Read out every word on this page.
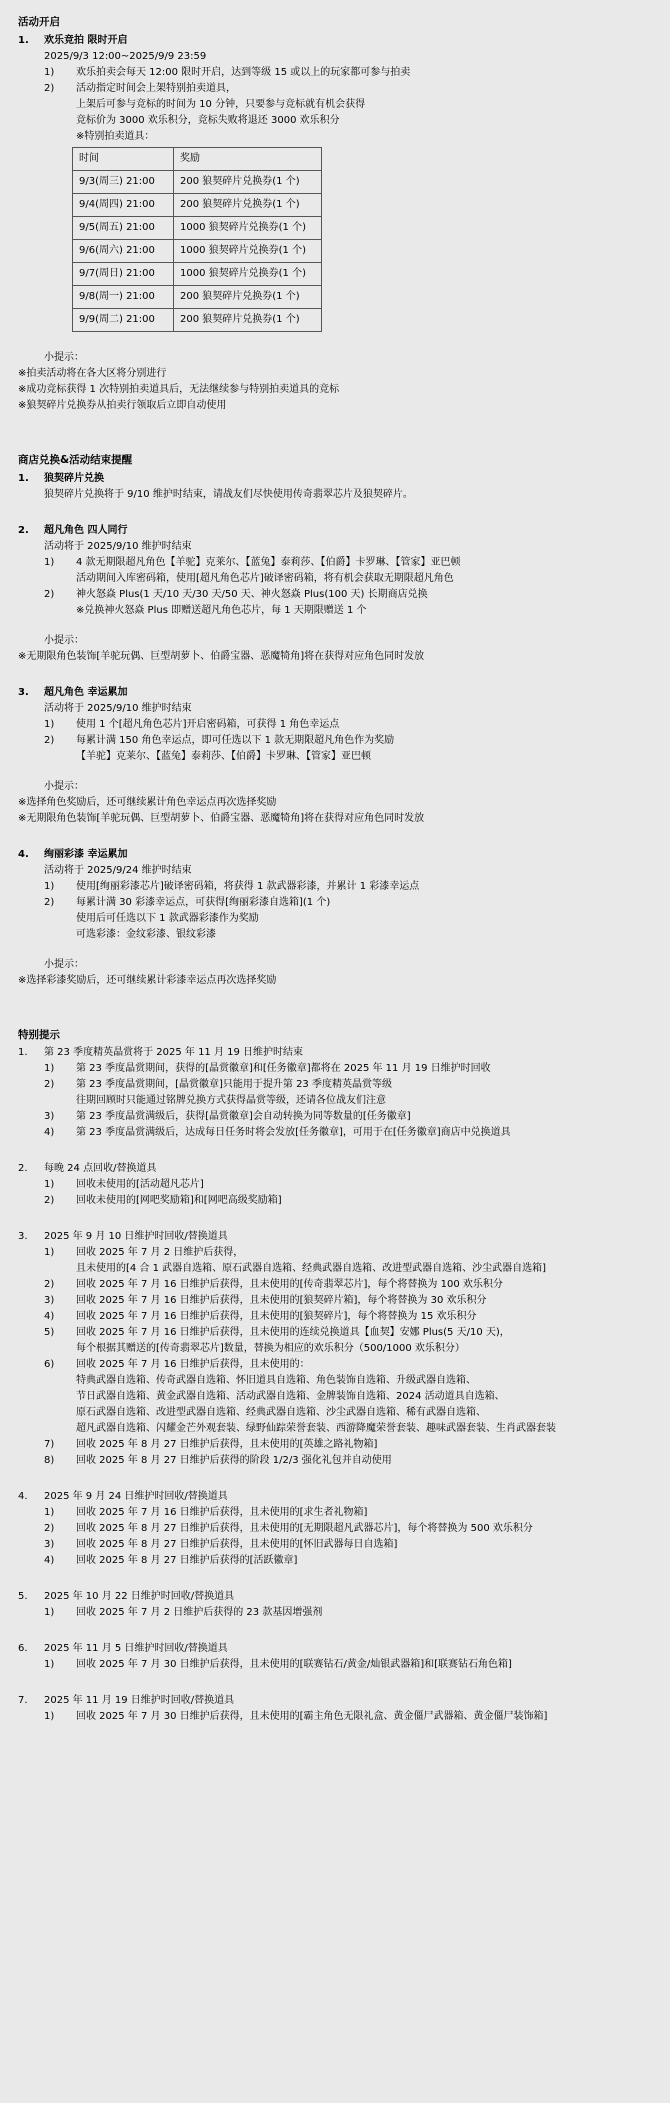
活动开启
1.	欢乐竞拍 限时开启
2025/9/3 12:00~2025/9/9 23:59
1)	欢乐拍卖会每天 12:00 限时开启，达到等级 15 或以上的玩家都可参与拍卖
2)	活动指定时间会上架特别拍卖道具，
上架后可参与竞标的时间为 10 分钟，只要参与竞标就有机会获得
竞标价为 3000 欢乐积分，竞标失败将退还 3000 欢乐积分
※特别拍卖道具：
时间	奖励
9/3(周三) 21:00	200 狼契碎片兑换券(1 个)
9/4(周四) 21:00	200 狼契碎片兑换券(1 个)
9/5(周五) 21:00	1000 狼契碎片兑换券(1 个)
9/6(周六) 21:00	1000 狼契碎片兑换券(1 个)
9/7(周日) 21:00	1000 狼契碎片兑换券(1 个)
9/8(周一) 21:00	200 狼契碎片兑换券(1 个)
9/9(周二) 21:00	200 狼契碎片兑换券(1 个)
小提示：
※拍卖活动将在各大区将分别进行
※成功竞标获得 1 次特别拍卖道具后，无法继续参与特别拍卖道具的竞标
※狼契碎片兑换券从拍卖行领取后立即自动使用
商店兑换&活动结束提醒
1.	狼契碎片兑换
狼契碎片兑换将于 9/10 维护时结束，请战友们尽快使用传奇翡翠芯片及狼契碎片。
2.	超凡角色 四人同行
活动将于 2025/9/10 维护时结束
1)	4 款无期限超凡角色【羊驼】克莱尔、【蓝兔】泰莉莎、【伯爵】卡罗琳、【管家】亚巴顿
活动期间入库密码箱，使用[超凡角色芯片]破译密码箱，将有机会获取无期限超凡角色
2)	神火怒焱 Plus(1 天/10 天/30 天/50 天、神火怒焱 Plus(100 天) 长期商店兑换
※兑换神火怒焱 Plus 即赠送超凡角色芯片，每 1 天期限赠送 1 个
小提示：
※无期限角色装饰[羊驼玩偶、巨型胡萝卜、伯爵宝器、恶魔犄角]将在获得对应角色同时发放
3.	超凡角色 幸运累加
活动将于 2025/9/10 维护时结束
1)	使用 1 个[超凡角色芯片]开启密码箱，可获得 1 角色幸运点
2)	每累计满 150 角色幸运点，即可任选以下 1 款无期限超凡角色作为奖励
【羊驼】克莱尔、【蓝兔】泰莉莎、【伯爵】卡罗琳、【管家】亚巴顿
小提示：
※选择角色奖励后，还可继续累计角色幸运点再次选择奖励
※无期限角色装饰[羊驼玩偶、巨型胡萝卜、伯爵宝器、恶魔犄角]将在获得对应角色同时发放
4.	绚丽彩漆 幸运累加
活动将于 2025/9/24 维护时结束
1)	使用[绚丽彩漆芯片]破译密码箱，将获得 1 款武器彩漆，并累计 1 彩漆幸运点
2)	每累计满 30 彩漆幸运点，可获得[绚丽彩漆自选箱](1 个)
使用后可任选以下 1 款武器彩漆作为奖励
可选彩漆：金纹彩漆、银纹彩漆
小提示：
※选择彩漆奖励后，还可继续累计彩漆幸运点再次选择奖励
特别提示
1.	第 23 季度精英晶赏将于 2025 年 11 月 19 日维护时结束
1)	第 23 季度晶赏期间，获得的[晶赏徽章]和[任务徽章]都将在 2025 年 11 月 19 日维护时回收
2)	第 23 季度晶赏期间，[晶赏徽章]只能用于提升第 23 季度精英晶赏等级
往期回顾时只能通过铭牌兑换方式获得晶赏等级，还请各位战友们注意
3)	第 23 季度晶赏满级后，获得[晶赏徽章]会自动转换为同等数量的[任务徽章]
4)	第 23 季度晶赏满级后，达成每日任务时将会发放[任务徽章]，可用于在[任务徽章]商店中兑换道具
2.	每晚 24 点回收/替换道具
1)	回收未使用的[活动超凡芯片]
2)	回收未使用的[网吧奖励箱]和[网吧高级奖励箱]
3.	2025 年 9 月 10 日维护时回收/替换道具
1)	回收 2025 年 7 月 2 日维护后获得，
且未使用的[4 合 1 武器自选箱、原石武器自选箱、经典武器自选箱、改进型武器自选箱、沙尘武器自选箱]
2)	回收 2025 年 7 月 16 日维护后获得，且未使用的[传奇翡翠芯片]，每个将替换为 100 欢乐积分
3)	回收 2025 年 7 月 16 日维护后获得，且未使用的[狼契碎片箱]，每个将替换为 30 欢乐积分
4)	回收 2025 年 7 月 16 日维护后获得，且未使用的[狼契碎片]，每个将替换为 15 欢乐积分
5)	回收 2025 年 7 月 16 日维护后获得，且未使用的连续兑换道具【血契】安娜 Plus(5 天/10 天)，
每个根据其赠送的[传奇翡翠芯片]数量，替换为相应的欢乐积分（500/1000 欢乐积分）
6)	回收 2025 年 7 月 16 日维护后获得，且未使用的：
特典武器自选箱、传奇武器自选箱、怀旧道具自选箱、角色装饰自选箱、升级武器自选箱、
节日武器自选箱、黄金武器自选箱、活动武器自选箱、金牌装饰自选箱、2024 活动道具自选箱、
原石武器自选箱、改进型武器自选箱、经典武器自选箱、沙尘武器自选箱、稀有武器自选箱、
超凡武器自选箱、闪耀金芒外观套装、绿野仙踪荣誉套装、西游降魔荣誉套装、趣味武器套装、生肖武器套装
7)	回收 2025 年 8 月 27 日维护后获得，且未使用的[英雄之路礼物箱]
8)	回收 2025 年 8 月 27 日维护后获得的阶段 1/2/3 强化礼包并自动使用
4.	2025 年 9 月 24 日维护时回收/替换道具
1)	回收 2025 年 7 月 16 日维护后获得，且未使用的[求生者礼物箱]
2)	回收 2025 年 8 月 27 日维护后获得，且未使用的[无期限超凡武器芯片]，每个将替换为 500 欢乐积分
3)	回收 2025 年 8 月 27 日维护后获得，且未使用的[怀旧武器每日自选箱]
4)	回收 2025 年 8 月 27 日维护后获得的[活跃徽章]
5.	2025 年 10 月 22 日维护时回收/替换道具
1)	回收 2025 年 7 月 2 日维护后获得的 23 款基因增强剂
6.	2025 年 11 月 5 日维护时回收/替换道具
1)	回收 2025 年 7 月 30 日维护后获得，且未使用的[联赛钻石/黄金/灿银武器箱]和[联赛钻石角色箱]
7.	2025 年 11 月 19 日维护时回收/替换道具
1)	回收 2025 年 7 月 30 日维护后获得，且未使用的[霸主角色无限礼盒、黄金僵尸武器箱、黄金僵尸装饰箱]
